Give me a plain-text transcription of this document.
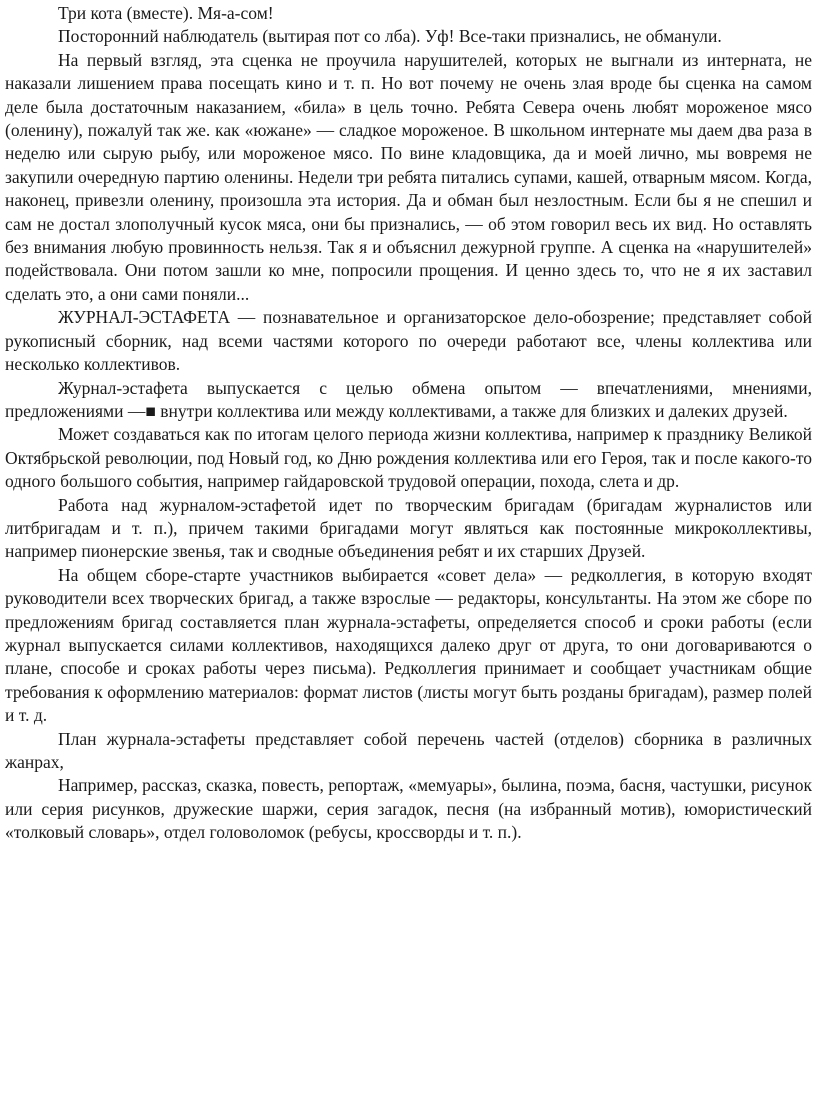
Три кота (вместе). Мя-а-сом!

Посторонний наблюдатель (вытирая пот со лба). Уф! Все-таки признались, не обманули.

На первый взгляд, эта сценка не проучила нарушителей, которых не выгнали из интерната, не наказали лишением права посещать кино и т. п. Но вот почему не очень злая вроде бы сценка на самом деле была достаточным наказанием, «била» в цель точно. Ребята Севера очень любят мороженое мясо (оленину), пожалуй так же. как «южане» — сладкое мороженое. В школьном интернате мы даем два раза в неделю или сырую рыбу, или мороженое мясо. По вине кладовщика, да и моей лично, мы вовремя не закупили очередную партию оленины. Недели три ребята питались супами, кашей, отварным мясом. Когда, наконец, привезли оленину, произошла эта история. Да и обман был незлостным. Если бы я не спешил и сам не достал злополучный кусок мяса, они бы признались, — об этом говорил весь их вид. Но оставлять без внимания любую провинность нельзя. Так я и объяснил дежурной группе. А сценка на «нарушителей» подействовала. Они потом зашли ко мне, попросили прощения. И ценно здесь то, что не я их заставил сделать это, а они сами поняли...

ЖУРНАЛ-ЭСТАФЕТА — познавательное и организаторское дело-обозрение; представляет собой рукописный сборник, над всеми частями которого по очереди работают все, члены коллектива или несколько коллективов.

Журнал-эстафета выпускается с целью обмена опытом — впечатлениями, мнениями, предложениями —■ внутри коллектива или между коллективами, а также для близких и далеких друзей.

Может создаваться как по итогам целого периода жизни коллектива, например к празднику Великой Октябрьской революции, под Новый год, ко Дню рождения коллектива или его Героя, так и после какого-то одного большого события, например гайдаровской трудовой операции, похода, слета и др.

Работа над журналом-эстафетой идет по творческим бригадам (бригадам журналистов или литбригадам и т. п.), причем такими бригадами могут являться как постоянные микроколлективы, например пионерские звенья, так и сводные объединения ребят и их старших Друзей.

На общем сборе-старте участников выбирается «совет дела» — редколлегия, в которую входят руководители всех творческих бригад, а также взрослые — редакторы, консультанты. На этом же сборе по предложениям бригад составляется план журнала-эстафеты, определяется способ и сроки работы (если журнал выпускается силами коллективов, находящихся далеко друг от друга, то они договариваются о плане, способе и сроках работы через письма). Редколлегия принимает и сообщает участникам общие требования к оформлению материалов: формат листов (листы могут быть розданы бригадам), размер полей и т. д.

План журнала-эстафеты представляет собой перечень частей (отделов) сборника в различных жанрах,

Например, рассказ, сказка, повесть, репортаж, «мемуары», былина, поэма, басня, частушки, рисунок или серия рисунков, дружеские шаржи, серия загадок, песня (на избранный мотив), юмористический «толковый словарь», отдел головоломок (ребусы, кроссворды и т. п.).
